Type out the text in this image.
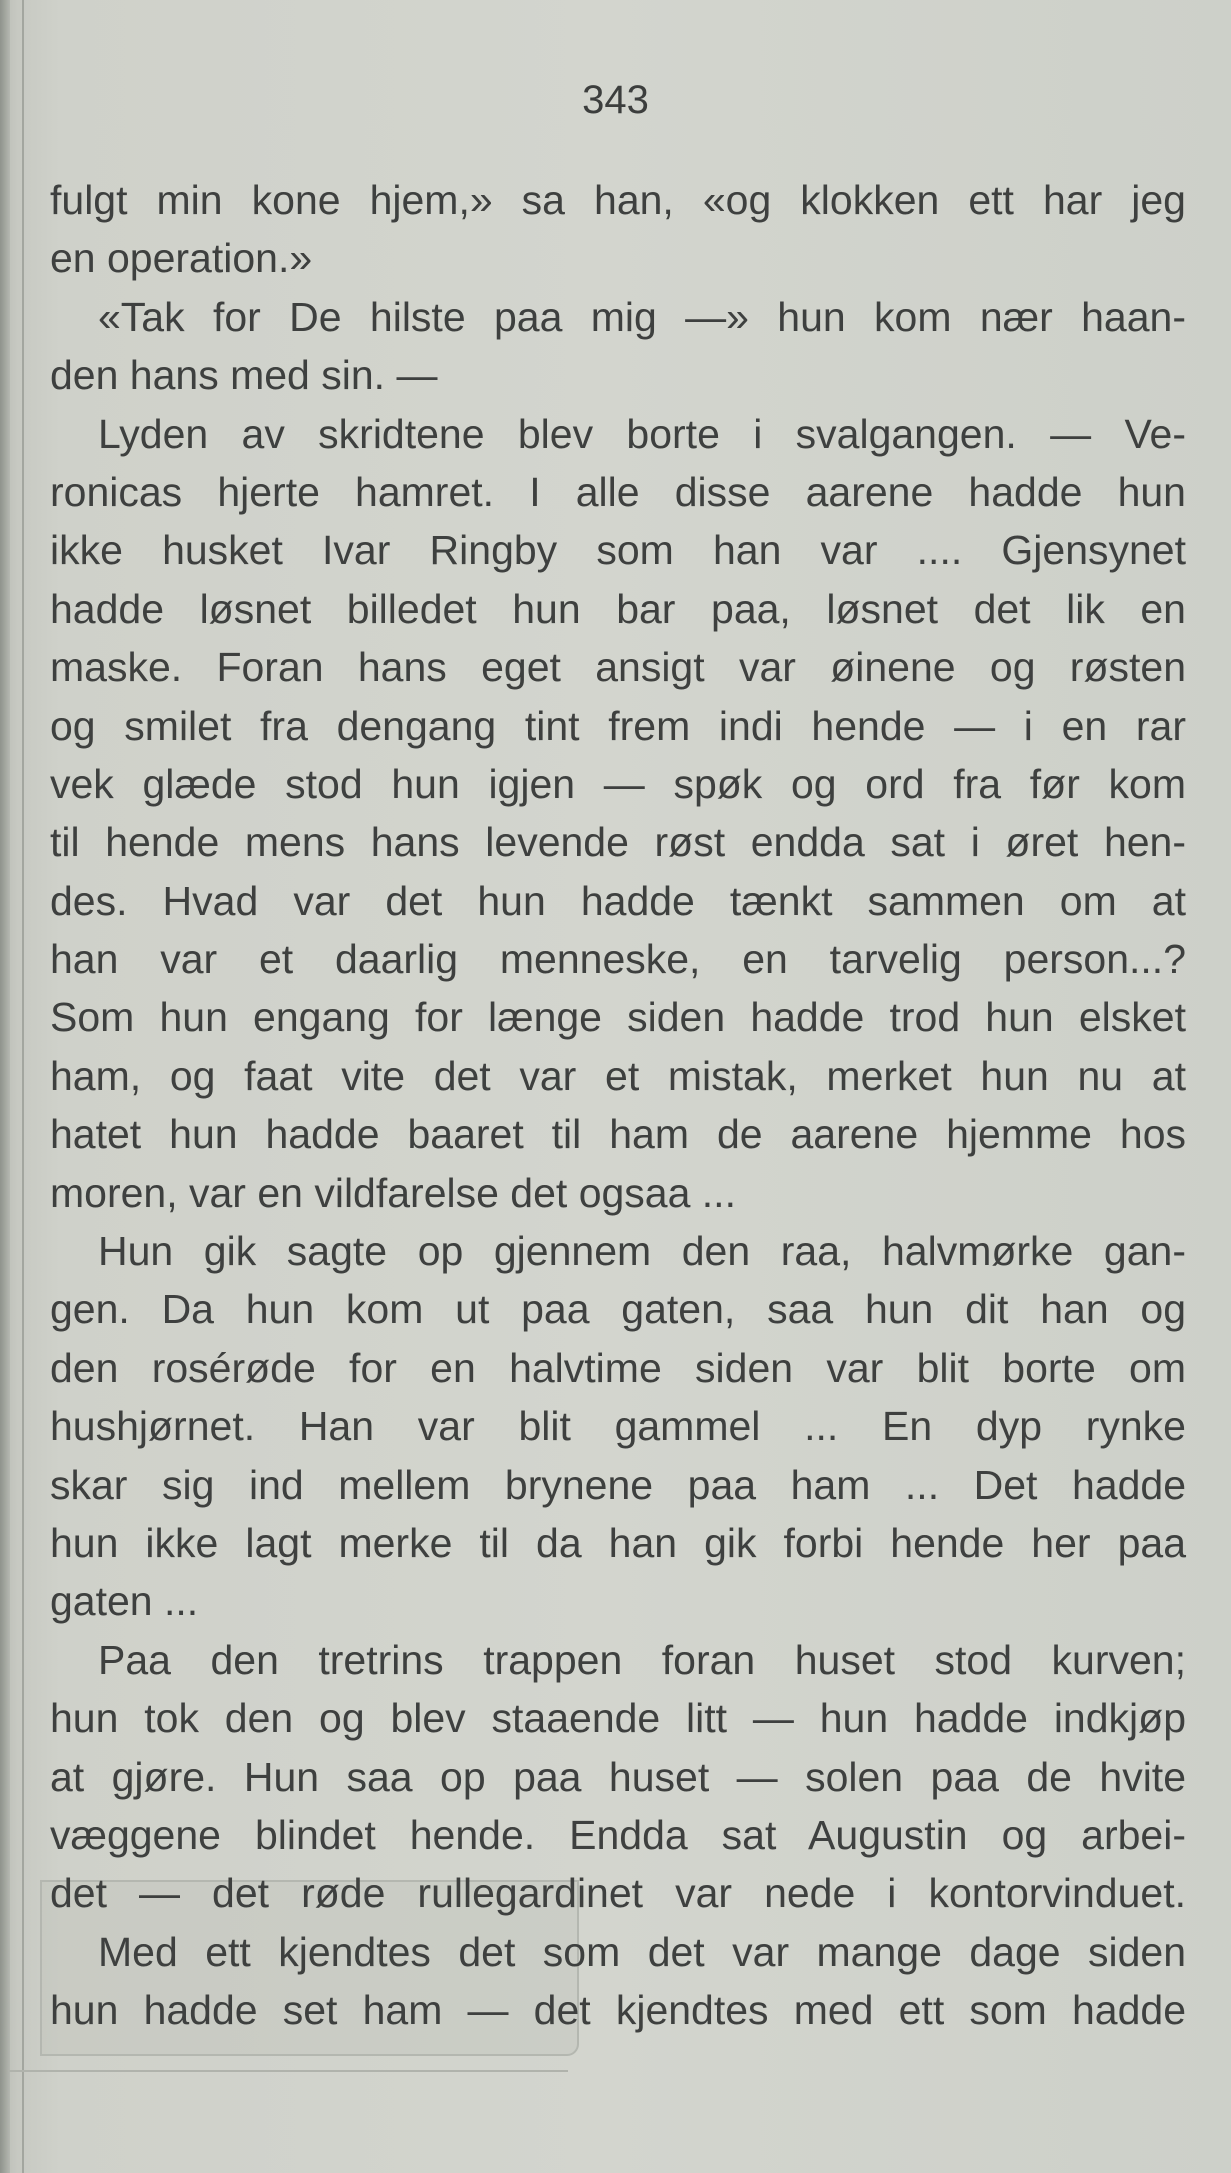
343

fulgt min kone hjem,» sa han, «og klokken ett har jeg
en operation.»
«Tak for De hilste paa mig —» hun kom nær haan-
den hans med sin. —
Lyden av skridtene blev borte i svalgangen. — Ve-
ronicas hjerte hamret. I alle disse aarene hadde hun
ikke husket Ivar Ringby som han var .... Gjensynet
hadde løsnet billedet hun bar paa, løsnet det lik en
maske. Foran hans eget ansigt var øinene og røsten
og smilet fra dengang tint frem indi hende — i en rar
vek glæde stod hun igjen — spøk og ord fra før kom
til hende mens hans levende røst endda sat i øret hen-
des. Hvad var det hun hadde tænkt sammen om at
han var et daarlig menneske, en tarvelig person...?
Som hun engang for længe siden hadde trod hun elsket
ham, og faat vite det var et mistak, merket hun nu at
hatet hun hadde baaret til ham de aarene hjemme hos
moren, var en vildfarelse det ogsaa ...
Hun gik sagte op gjennem den raa, halvmørke gan-
gen. Da hun kom ut paa gaten, saa hun dit han og
den rosérøde for en halvtime siden var blit borte om
hushjørnet. Han var blit gammel ... En dyp rynke
skar sig ind mellem brynene paa ham ... Det hadde
hun ikke lagt merke til da han gik forbi hende her paa
gaten ...
Paa den tretrins trappen foran huset stod kurven;
hun tok den og blev staaende litt — hun hadde indkjøp
at gjøre. Hun saa op paa huset — solen paa de hvite
væggene blindet hende. Endda sat Augustin og arbei-
det — det røde rullegardinet var nede i kontorvinduet.
Med ett kjendtes det som det var mange dage siden
hun hadde set ham — det kjendtes med ett som hadde
